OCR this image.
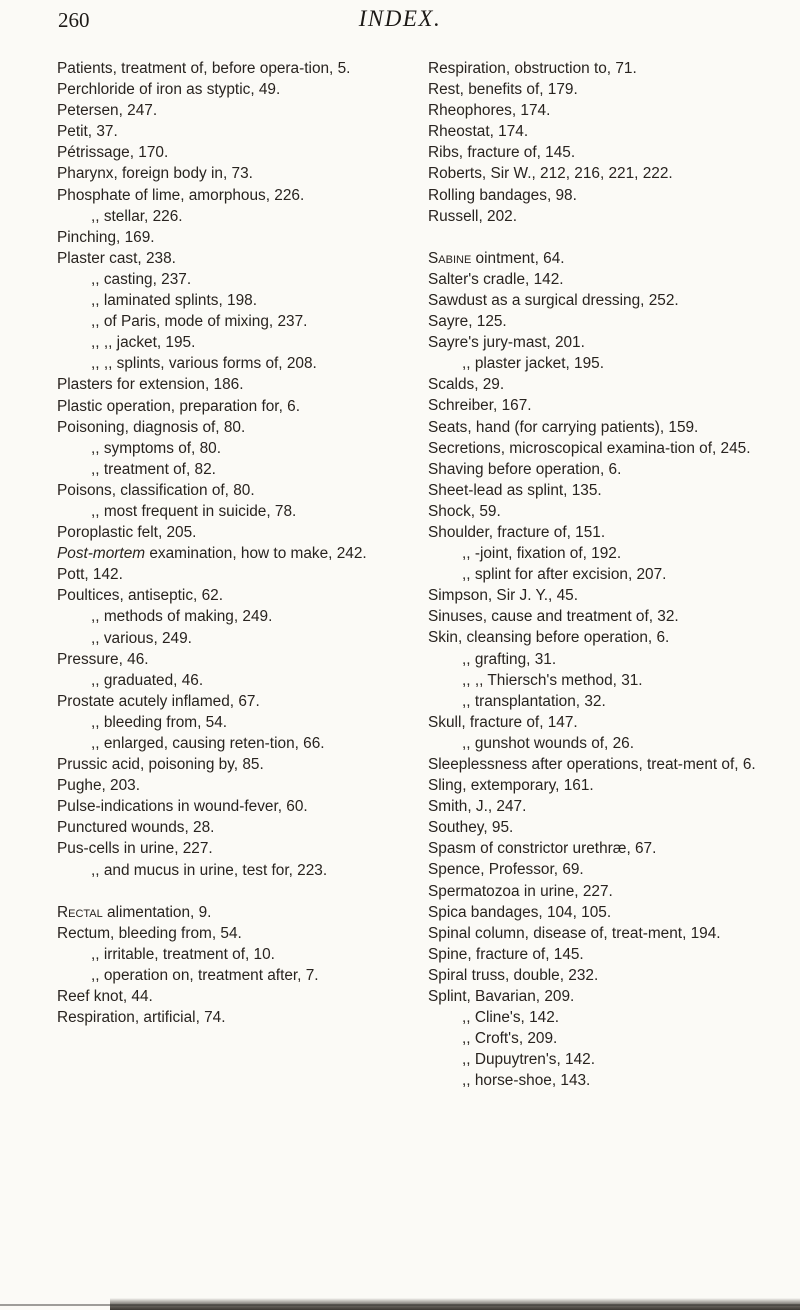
260	INDEX.

Patients, treatment of, before opera-tion, 5.

Perchloride of iron as styptic, 49.

Petersen, 247.

Petit, 37.

Pétrissage, 170.

Pharynx, foreign body in, 73.

Phosphate of lime, amorphous, 226.

,, stellar, 226.

Pinching, 169.

Plaster cast, 238.

,, casting, 237.

,, laminated splints, 198.

,, of Paris, mode of mixing, 237.

,, ,, jacket, 195.

,, ,, splints, various forms of, 208.

Plasters for extension, 186.

Plastic operation, preparation for, 6.

Poisoning, diagnosis of, 80.

,, symptoms of, 80.

,, treatment of, 82.

Poisons, classification of, 80.

,, most frequent in suicide, 78.

Poroplastic felt, 205.

Post-mortem examination, how to make, 242.

Pott, 142.

Poultices, antiseptic, 62.

,, methods of making, 249.

,, various, 249.

Pressure, 46.

,, graduated, 46.

Prostate acutely inflamed, 67.

,, bleeding from, 54.

,, enlarged, causing reten-tion, 66.

Prussic acid, poisoning by, 85.

Pughe, 203.

Pulse-indications in wound-fever, 60.

Punctured wounds, 28.

Pus-cells in urine, 227.

,, and mucus in urine, test for, 223.

Rectal alimentation, 9.

Rectum, bleeding from, 54.

,, irritable, treatment of, 10.

,, operation on, treatment after, 7.

Reef knot, 44.

Respiration, artificial, 74.

Respiration, obstruction to, 71.

Rest, benefits of, 179.

Rheophores, 174.

Rheostat, 174.

Ribs, fracture of, 145.

Roberts, Sir W., 212, 216, 221, 222.

Rolling bandages, 98.

Russell, 202.

Sabine ointment, 64.

Salter's cradle, 142.

Sawdust as a surgical dressing, 252.

Sayre, 125.

Sayre's jury-mast, 201.

,, plaster jacket, 195.

Scalds, 29.

Schreiber, 167.

Seats, hand (for carrying patients), 159.

Secretions, microscopical examina-tion of, 245.

Shaving before operation, 6.

Sheet-lead as splint, 135.

Shock, 59.

Shoulder, fracture of, 151.

,, -joint, fixation of, 192.

,, splint for after excision, 207.

Simpson, Sir J. Y., 45.

Sinuses, cause and treatment of, 32.

Skin, cleansing before operation, 6.

,, grafting, 31.

,, ,, Thiersch's method, 31.

,, transplantation, 32.

Skull, fracture of, 147.

,, gunshot wounds of, 26.

Sleeplessness after operations, treat-ment of, 6.

Sling, extemporary, 161.

Smith, J., 247.

Southey, 95.

Spasm of constrictor urethræ, 67.

Spence, Professor, 69.

Spermatozoa in urine, 227.

Spica bandages, 104, 105.

Spinal column, disease of, treat-ment, 194.

Spine, fracture of, 145.

Spiral truss, double, 232.

Splint, Bavarian, 209.

,, Cline's, 142.

,, Croft's, 209.

,, Dupuytren's, 142.

,, horse-shoe, 143.
